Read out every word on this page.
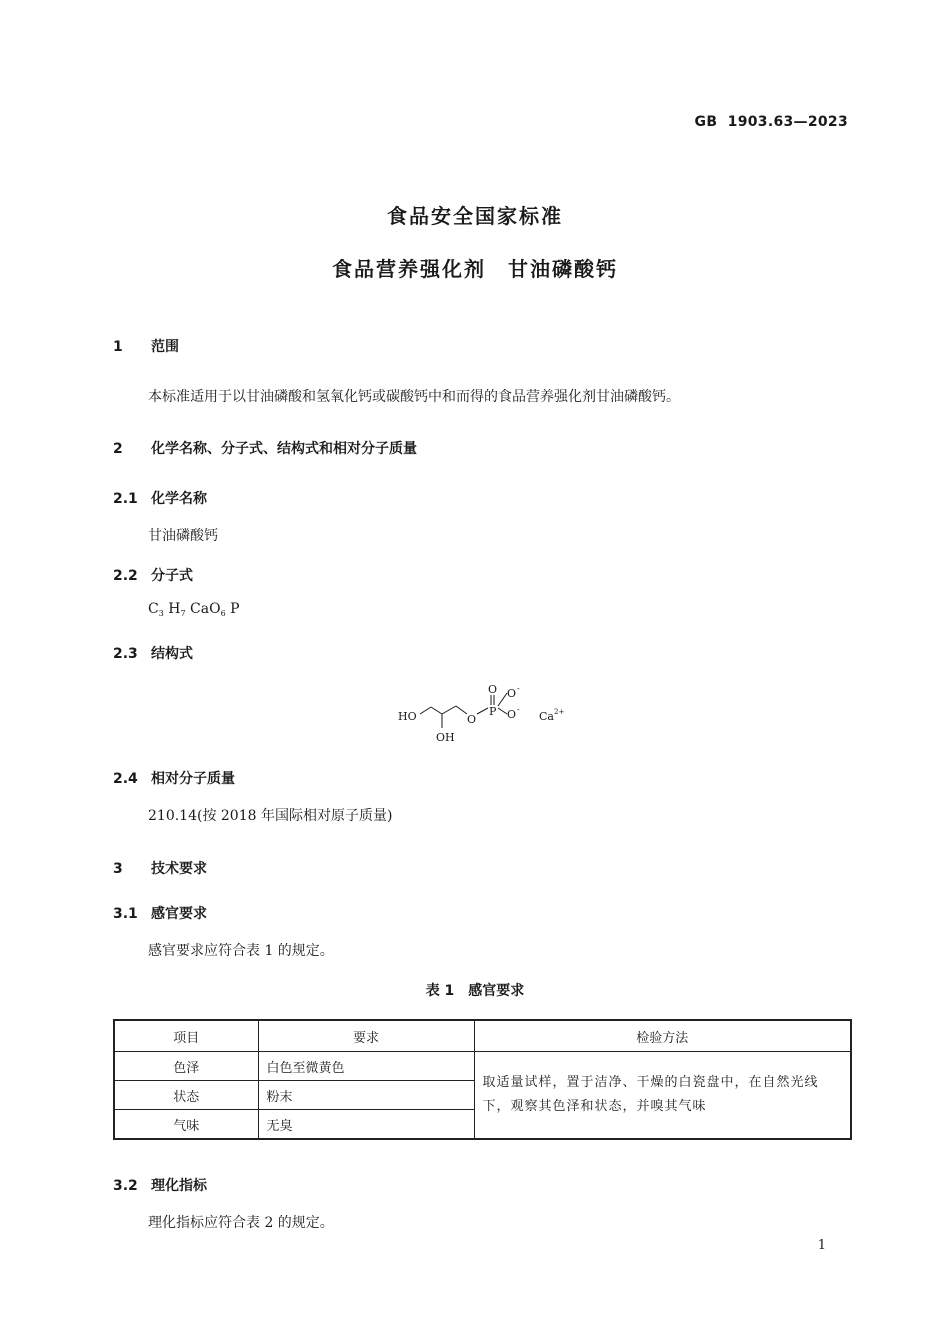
GB 1903.63—2023
食品安全国家标准
食品营养强化剂　甘油磷酸钙
1 范围
本标准适用于以甘油磷酸和氢氧化钙或碳酸钙中和而得的食品营养强化剂甘油磷酸钙。
2 化学名称、分子式、结构式和相对分子质量
2.1 化学名称
甘油磷酸钙
2.2 分子式
$C_3$ $H_7$ CaO$_6$ P
2.3 结构式
HO
OH
O
P
O O -
O -
Ca 2+
2.4 相对分子质量
210.14(按 2018 年国际相对原子质量)
3 技术要求
3.1 感官要求
感官要求应符合表 1 的规定。
表 1　感官要求
项目	要求	检验方法
色泽	白色至微黄色	取适量试样，置于洁净、干燥的白瓷盘中，在自然光线下，观察其色泽和状态，并嗅其气味
状态	粉末	
气味	无臭	
3.2 理化指标
理化指标应符合表 2 的规定。
1
